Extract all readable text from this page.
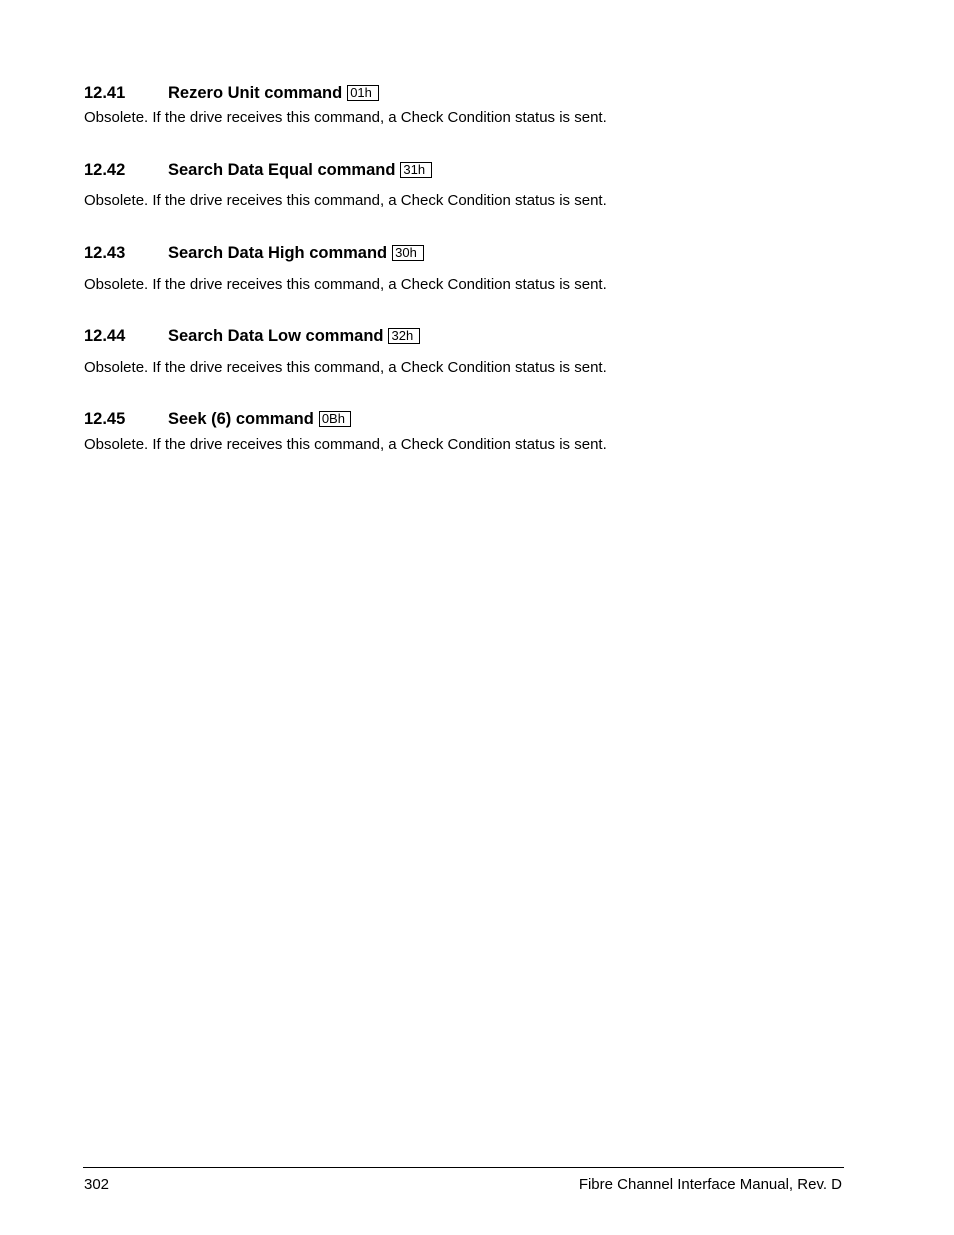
12.41	Rezero Unit command 01h
Obsolete. If the drive receives this command, a Check Condition status is sent.
12.42	Search Data Equal command 31h
Obsolete. If the drive receives this command, a Check Condition status is sent.
12.43	Search Data High command 30h
Obsolete. If the drive receives this command, a Check Condition status is sent.
12.44	Search Data Low command 32h
Obsolete. If the drive receives this command, a Check Condition status is sent.
12.45	Seek (6) command 0Bh
Obsolete. If the drive receives this command, a Check Condition status is sent.
302	Fibre Channel Interface Manual, Rev. D
